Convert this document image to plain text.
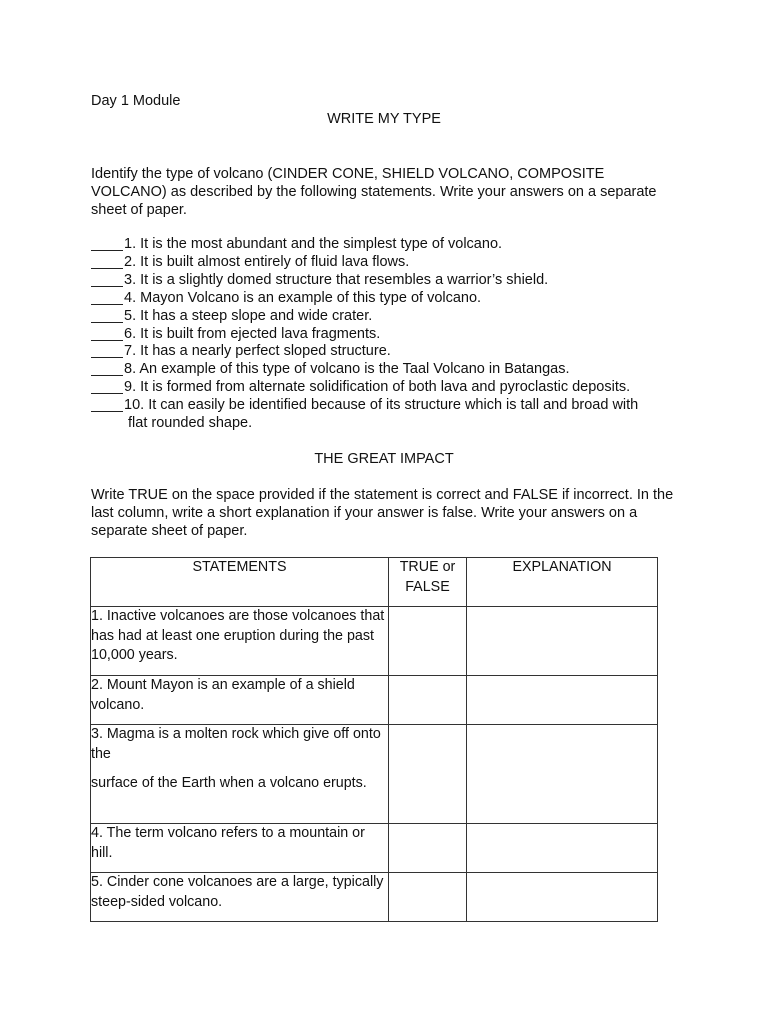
Day 1 Module
WRITE MY TYPE
Identify the type of volcano (CINDER CONE, SHIELD VOLCANO, COMPOSITE VOLCANO) as described by the following statements. Write your answers on a separate sheet of paper.
1. It is the most abundant and the simplest type of volcano.
2. It is built almost entirely of fluid lava flows.
3. It is a slightly domed structure that resembles a warrior’s shield.
4. Mayon Volcano is an example of this type of volcano.
5. It has a steep slope and wide crater.
6. It is built from ejected lava fragments.
7. It has a nearly perfect sloped structure.
8. An example of this type of volcano is the Taal Volcano in Batangas.
9. It is formed from alternate solidification of both lava and pyroclastic deposits.
10. It can easily be identified because of its structure which is tall and broad with
flat rounded shape.
THE GREAT IMPACT
Write TRUE on the space provided if the statement is correct and FALSE if incorrect. In the last column, write a short explanation if your answer is false. Write your answers on a separate sheet of paper.
STATEMENTS	TRUE or FALSE	EXPLANATION
1. Inactive volcanoes are those volcanoes that has had at least one eruption during the past 10,000 years.		
2. Mount Mayon is an example of a shield volcano.		

3. Magma is a molten rock which give off onto the
surface of the Earth when a volcano erupts.		

4. The term volcano refers to a mountain or hill.		
5. Cinder cone volcanoes are a large, typically steep-sided volcano.		
